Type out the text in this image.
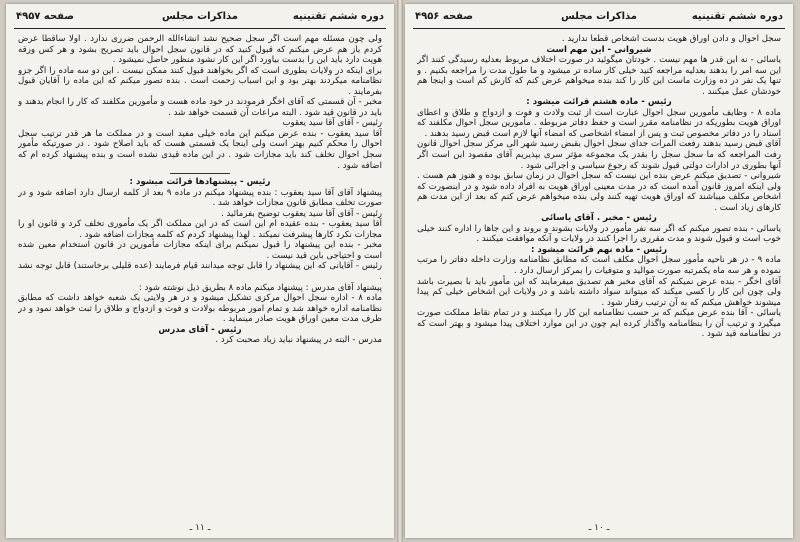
دوره ششم تقنینیه
مذاکرات مجلس
صفحه ۴۹۵۷

ولی چون مسئله مهم است اگر سجل صحیح نشد انشاءالله الرحمن ضرری ندارد . اولا ساقطاً عرض کردم باز هم عرض میکنم که قبول کنید که در قانون سجل احوال باید تصریح بشود و هر کس ورقه هویت دارد باید این را بدست بیاورد اگر این کار نشود منظور حاصل نمیشود .

برای اینکه در ولایات بطوری است که اگر بخواهند قبول کنند ممکن نیست . این دو سه ماده را اگر جزو نظامنامه میکردند بهتر بود و این اسباب زحمت است . بنده تصور میکنم که این ماده را آقایان قبول بفرمایند .

مخبر - آن قسمتی که آقای اخگر فرمودند در خود ماده هست و مأمورین مکلفند که کار را انجام بدهند و باید در قانون قید شود . البته مراعات آن قسمت خواهد شد .

رئیس - آقای آقا سید یعقوب

آقا سید یعقوب - بنده عرض میکنم این ماده خیلی مفید است و در مملکت ما هر قدر ترتیب سجل احوال را محکم کنیم بهتر است ولی اینجا یک قسمتی هست که باید اصلاح شود . در صورتیکه مأمور سجل احوال تخلف کند باید مجازات شود . در این ماده قیدی نشده است و بنده پیشنهاد کرده ام که اضافه شود .

رئیس - پیشنهادها قرائت میشود :

پیشنهاد آقای آقا سید یعقوب : بنده پیشنهاد میکنم در ماده ۹ بعد از کلمه ارسال دارد اضافه شود و در صورت تخلف مطابق قانون مجازات خواهد شد .

رئیس - آقای آقا سید یعقوب توضیح بفرمائید .

آقا سید یعقوب - بنده عقیده ام این است که در این مملکت اگر یک مأموری تخلف کرد و قانون او را مجازات نکرد کارها پیشرفت نمیکند . لهذا پیشنهاد کردم که کلمه مجازات اضافه شود .

مخبر - بنده این پیشنهاد را قبول نمیکنم برای اینکه مجازات مأمورین در قانون استخدام معین شده است و احتیاجی باین قید نیست .

رئیس - آقایانی که این پیشنهاد را قابل توجه میدانند قیام فرمایند (عده قلیلی برخاستند) قابل توجه نشد .

پیشنهاد آقای مدرس : پیشنهاد میکنم ماده ۸ بطریق ذیل نوشته شود :

ماده ۸ - اداره سجل احوال مرکزی تشکیل میشود و در هر ولایتی یک شعبه خواهد داشت که مطابق نظامنامه اداره خواهد شد و تمام امور مربوطه بولادت و فوت و ازدواج و طلاق را ثبت خواهد نمود و در ظرف مدت معین اوراق هویت صادر مینماید .

رئیس - آقای مدرس

مدرس - البته در پیشنهاد نباید زیاد صحبت کرد .

ـ ۱۱ ـ
دوره ششم تقنینیه
مذاکرات مجلس
صفحه ۴۹۵۶

سجل احوال و دادن اوراق هویت بدست اشخاص قطعاً ندارید .

شیروانی - این مهم است

یاسائی - نه این قدر ها مهم نیست . خودتان میگوئید در صورت اختلاف مربوط بعدلیه رسیدگی کنند اگر این سه امر را بدهند بعدلیه مراجعه کنید خیلی کار ساده تر میشود و ما طول مدت را مراجعه بکنیم . و تنها یک نفر در ده وزارت ماست این کار را کند بنده میخواهم عرض کنم که کارش کم است و اینجا هم خودشان عمل میکنند .

رئیس - ماده هشتم قرائت میشود :

ماده ۸ - وظایف مأمورین سجل احوال عبارت است از ثبت ولادت و فوت و ازدواج و طلاق و اعطای اوراق هویت بطوریکه در نظامنامه مقرر است و حفظ دفاتر مربوطه . مأمورین سجل احوال مکلفند که اسناد را در دفاتر مخصوص ثبت و پس از امضاء اشخاصی که امضاء آنها لازم است قبض رسید بدهند .

آقای قبض رسید بدهند رفعت المرات جدای سجل احوال بقبض رسید شهر الی مرکز سجل احوال قانون رفت المراجعه که ما سجل سجل را بقدر یک مجموعه مؤثر سری بپذیریم آقای مقصود این است اگر آنها بطوری در ادارات دولتی قبول شوند که رجوع سیاسی و اجرائی شود .

شیروانی - تصدیق میکنم عرض بنده این نیست که سجل احوال در زمان سابق بوده و هنوز هم هست . ولی اینکه امروز قانون آمده است که در مدت معینی اوراق هویت به افراد داده شود و در اینصورت که اشخاص مکلف میباشند که اوراق هویت تهیه کنند ولی بنده میخواهم عرض کنم که بعد از این مدت هم کارهای زیاد است .

رئیس - مخبر . آقای یاسائی

یاسائی - بنده تصور میکنم که اگر سه نفر مأمور در ولایات بشوند و بروند و این جاها را اداره کنند خیلی خوب است و قبول شوند و مدت مقرری را اجرا کنند در ولایات و آنکه موافقت میکنند .

رئیس - ماده نهم قرائت میشود :

ماده ۹ - در هر ناحیه مأمور سجل احوال مکلف است که مطابق نظامنامه وزارت داخله دفاتر را مرتب نموده و هر سه ماه یکمرتبه صورت موالید و متوفیات را بمرکز ارسال دارد .

آقای اخگر - بنده عرض نمیکنم که آقای مخبر هم تصدیق میفرمایند که این مأمور باید با بصیرت باشد ولی چون این کار را کسی میکند که میتواند سواد داشته باشد و در ولایات این اشخاص خیلی کم پیدا میشوند خواهش میکنم که به آن ترتیب رفتار شود .

یاسائی - آقا بنده عرض میکنم که بر حسب نظامنامه این کار را میکنند و در تمام نقاط مملکت صورت میگیرد و ترتیب آن را بنظامنامه واگذار کرده ایم چون در این موارد اختلاف پیدا میشود و بهتر است که در نظامنامه قید شود .

ـ ۱۰ ـ
